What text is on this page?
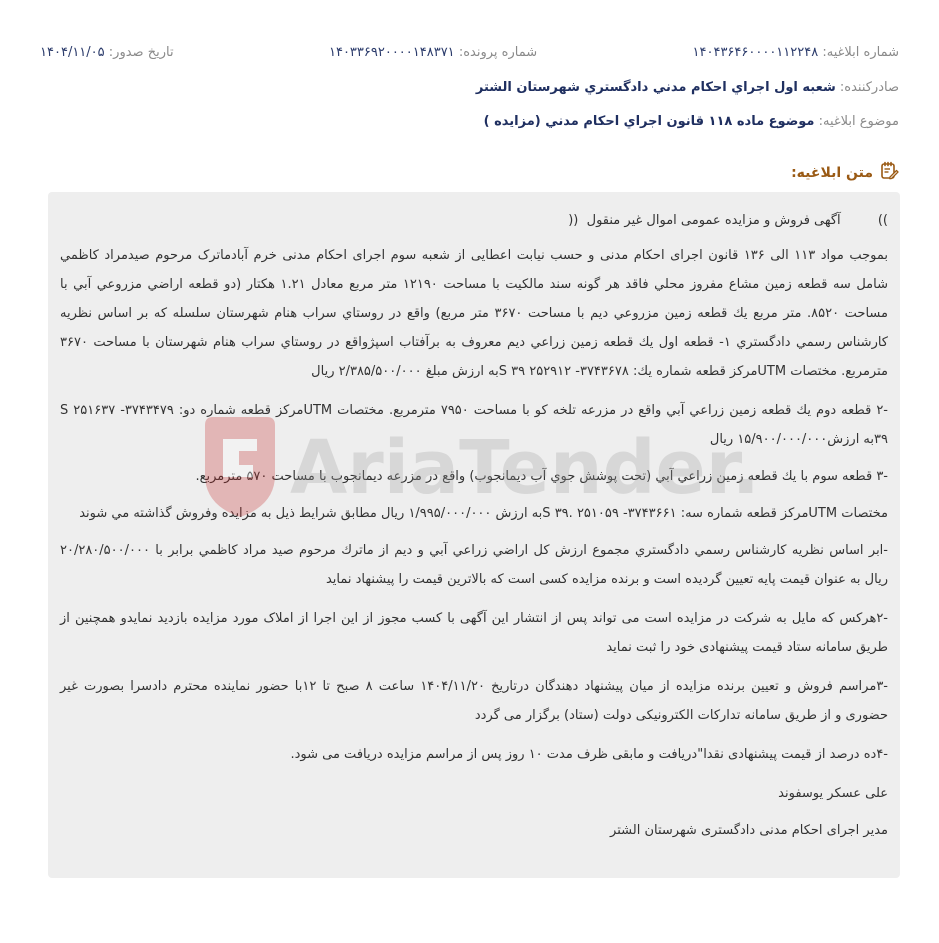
شماره ابلاغیه: ۱۴۰۴۳۶۴۶۰۰۰۰۱۱۲۲۴۸
شماره پرونده: ۱۴۰۳۳۶۹۲۰۰۰۰۱۴۸۳۷۱
تاریخ صدور: ۱۴۰۴/۱۱/۰۵
صادرکننده: شعبه اول اجراي احكام مدني دادگستري شهرستان الشتر
موضوع ابلاغیه: موضوع ماده ۱۱۸ قانون اجراي احكام مدني (مزايده )
متن ابلاغیه:

))         آگهی فروش و مزایده عمومی اموال غیر منقول  ((

بموجب مواد ۱۱۳ الی ۱۳۶ قانون اجرای احکام مدنی و حسب نیابت اعطایی از شعبه سوم اجرای احکام مدنی خرم آبادماترک مرحوم صیدمراد کاظمي شامل سه قطعه زمين مشاع مفروز محلي فاقد هر گونه سند مالكيت با مساحت ۱۲۱۹۰ متر مربع معادل ۱.۲۱ هكتار (دو قطعه اراضي مزروعي آبي با مساحت ۸۵۲۰. متر مربع يك قطعه زمين مزروعي ديم با مساحت ۳۶۷۰ متر مربع) واقع در روستاي سراب هنام شهرستان سلسله كه بر اساس نظريه كارشناس رسمي دادگستري ۱- قطعه اول يك قطعه زمين زراعي ديم معروف به برآفتاب اسپژواقع در روستاي سراب هنام شهرستان با مساحت ۳۶۷۰ مترمربع. مختصات UTMمركز قطعه شماره يك: ۳۷۴۳۶۷۸- ۲۵۲۹۱۲ ۳۹ Sبه ارزش مبلغ ۲/۳۸۵/۵۰۰/۰۰۰ ريال

-۲ قطعه دوم يك قطعه زمين زراعي آبي واقع در مزرعه تلخه كو با مساحت ۷۹۵۰ مترمربع. مختصات UTMمركز قطعه شماره دو: ۳۷۴۳۴۷۹- ۲۵۱۶۳۷ S ۳۹به ارزش۱۵/۹۰۰/۰۰۰/۰۰۰ ريال

-۳ قطعه سوم با يك قطعه زمين زراعي آبي (تحت پوشش جوي آب ديمانجوب) واقع در مزرعه ديمانجوب با مساحت ۵۷۰ مترمربع.

مختصات UTMمركز قطعه شماره سه: ۳۷۴۳۶۶۱- ۲۵۱۰۵۹ .۳۹ Sبه ارزش ۱/۹۹۵/۰۰۰/۰۰۰ ريال مطابق شرايط ذيل به مزايده وفروش گذاشته مي شوند

-ابر اساس نظريه كارشناس رسمي دادگستري مجموع ارزش كل اراضي زراعي آبي و ديم از ماترك مرحوم صيد مراد كاظمي برابر با ۲۰/۲۸۰/۵۰۰/۰۰۰ ريال به عنوان قیمت پایه تعیین گردیده است و برنده مزایده کسی است که بالاترین قیمت را پیشنهاد نماید

-۲هرکس که مایل به شرکت در مزایده است می تواند پس از انتشار این آگهی با کسب مجوز از این اجرا از املاک مورد مزایده بازدید نمایدو همچنین از طریق سامانه ستاد قیمت پیشنهادی خود را ثبت نماید

-۳مراسم فروش و تعیین برنده مزایده از میان پیشنهاد دهندگان درتاریخ ۱۴۰۴/۱۱/۲۰ ساعت ۸ صبح تا ۱۲با حضور نماینده محترم دادسرا بصورت غیر حضوری و از طریق سامانه تدارکات الکترونیکی دولت (ستاد) برگزار می گردد

-۴ده درصد از قیمت پیشنهادی نقدا"دریافت و مابقی ظرف مدت ۱۰ روز پس از مراسم مزایده دریافت می شود.

علی عسکر یوسفوند

مدیر اجرای احکام مدنی دادگستری شهرستان الشتر

AriaTender
